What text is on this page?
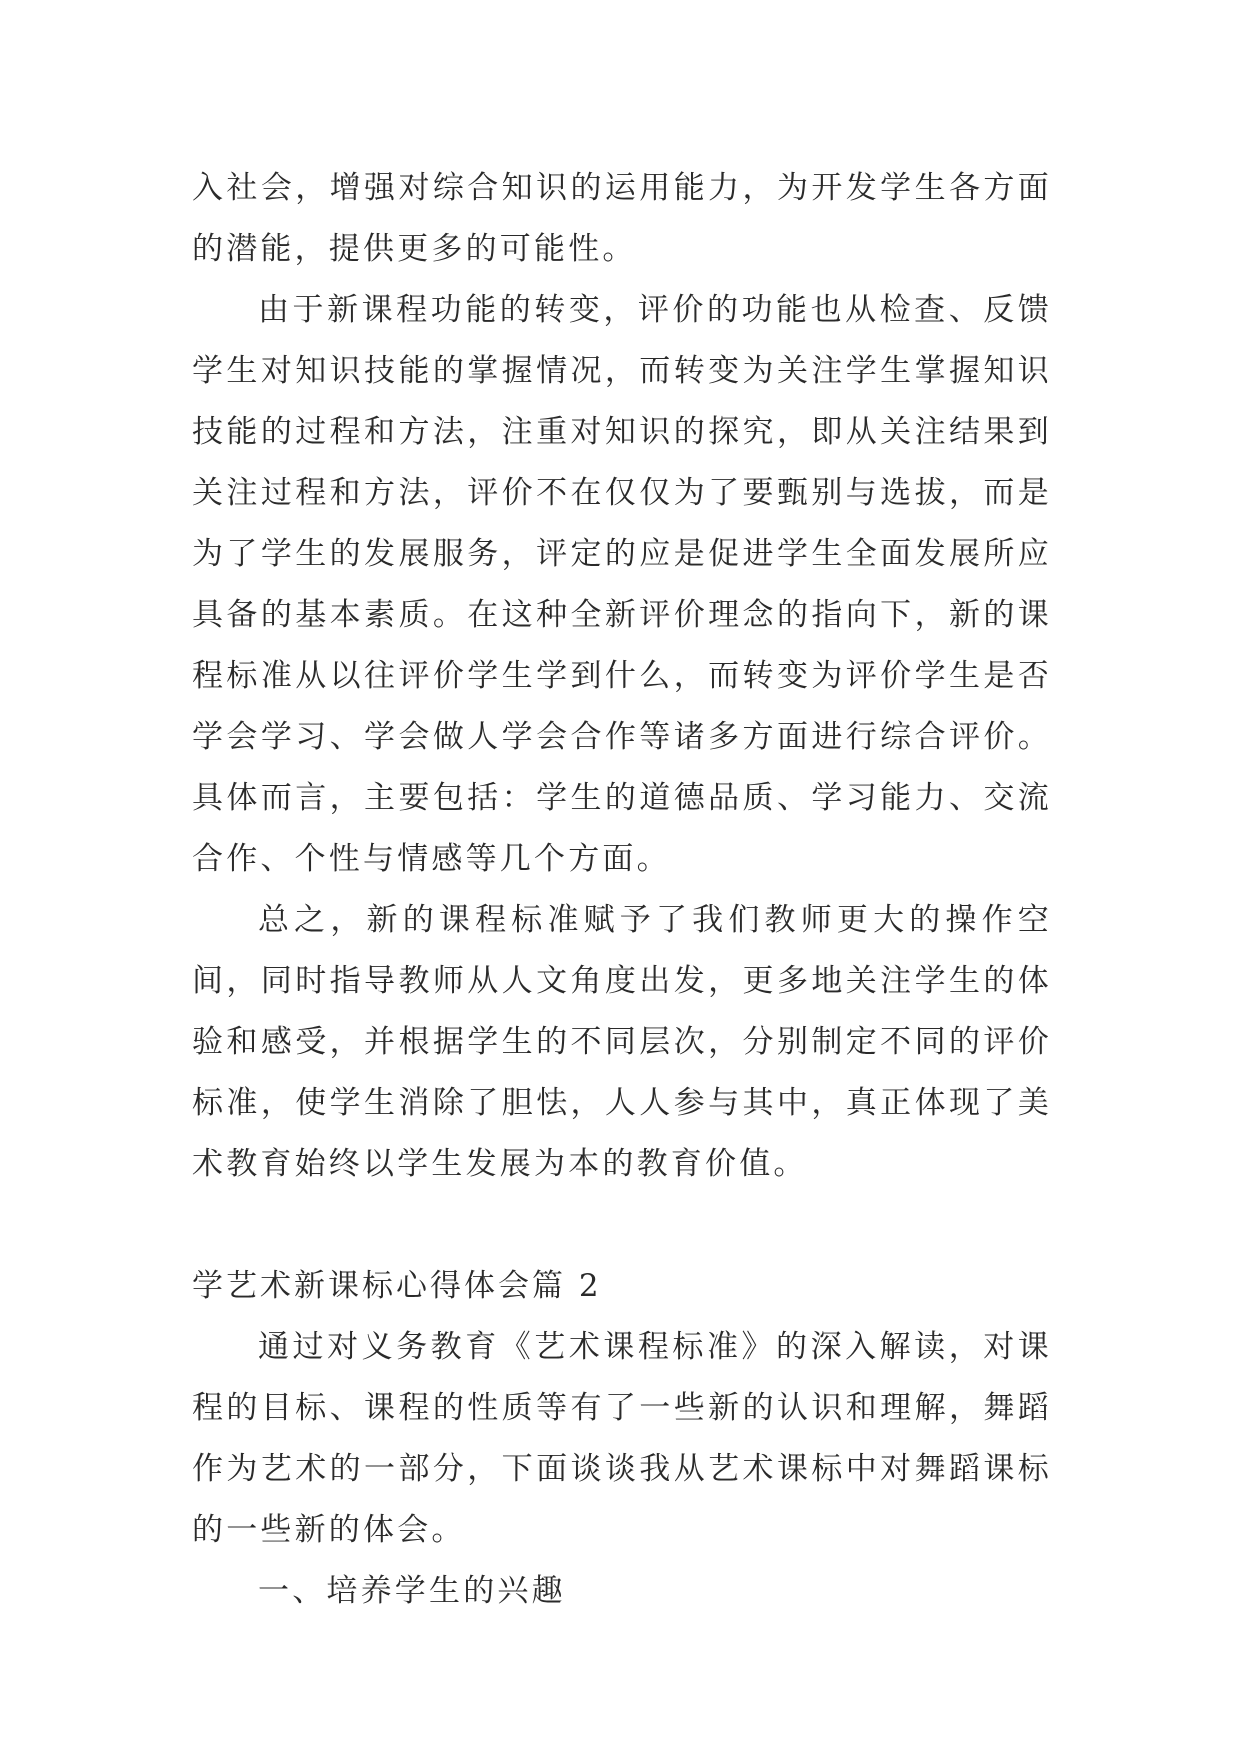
入社会，增强对综合知识的运用能力，为开发学生各方面的潜能，提供更多的可能性。

由于新课程功能的转变，评价的功能也从检查、反馈学生对知识技能的掌握情况，而转变为关注学生掌握知识技能的过程和方法，注重对知识的探究，即从关注结果到关注过程和方法，评价不在仅仅为了要甄别与选拔，而是为了学生的发展服务，评定的应是促进学生全面发展所应具备的基本素质。在这种全新评价理念的指向下，新的课程标准从以往评价学生学到什么，而转变为评价学生是否学会学习、学会做人学会合作等诸多方面进行综合评价。具体而言，主要包括：学生的道德品质、学习能力、交流合作、个性与情感等几个方面。

总之，新的课程标准赋予了我们教师更大的操作空间，同时指导教师从人文角度出发，更多地关注学生的体验和感受，并根据学生的不同层次，分别制定不同的评价标准，使学生消除了胆怯，人人参与其中，真正体现了美术教育始终以学生发展为本的教育价值。

学艺术新课标心得体会篇 2

通过对义务教育《艺术课程标准》的深入解读，对课程的目标、课程的性质等有了一些新的认识和理解，舞蹈作为艺术的一部分，下面谈谈我从艺术课标中对舞蹈课标的一些新的体会。

一、培养学生的兴趣
